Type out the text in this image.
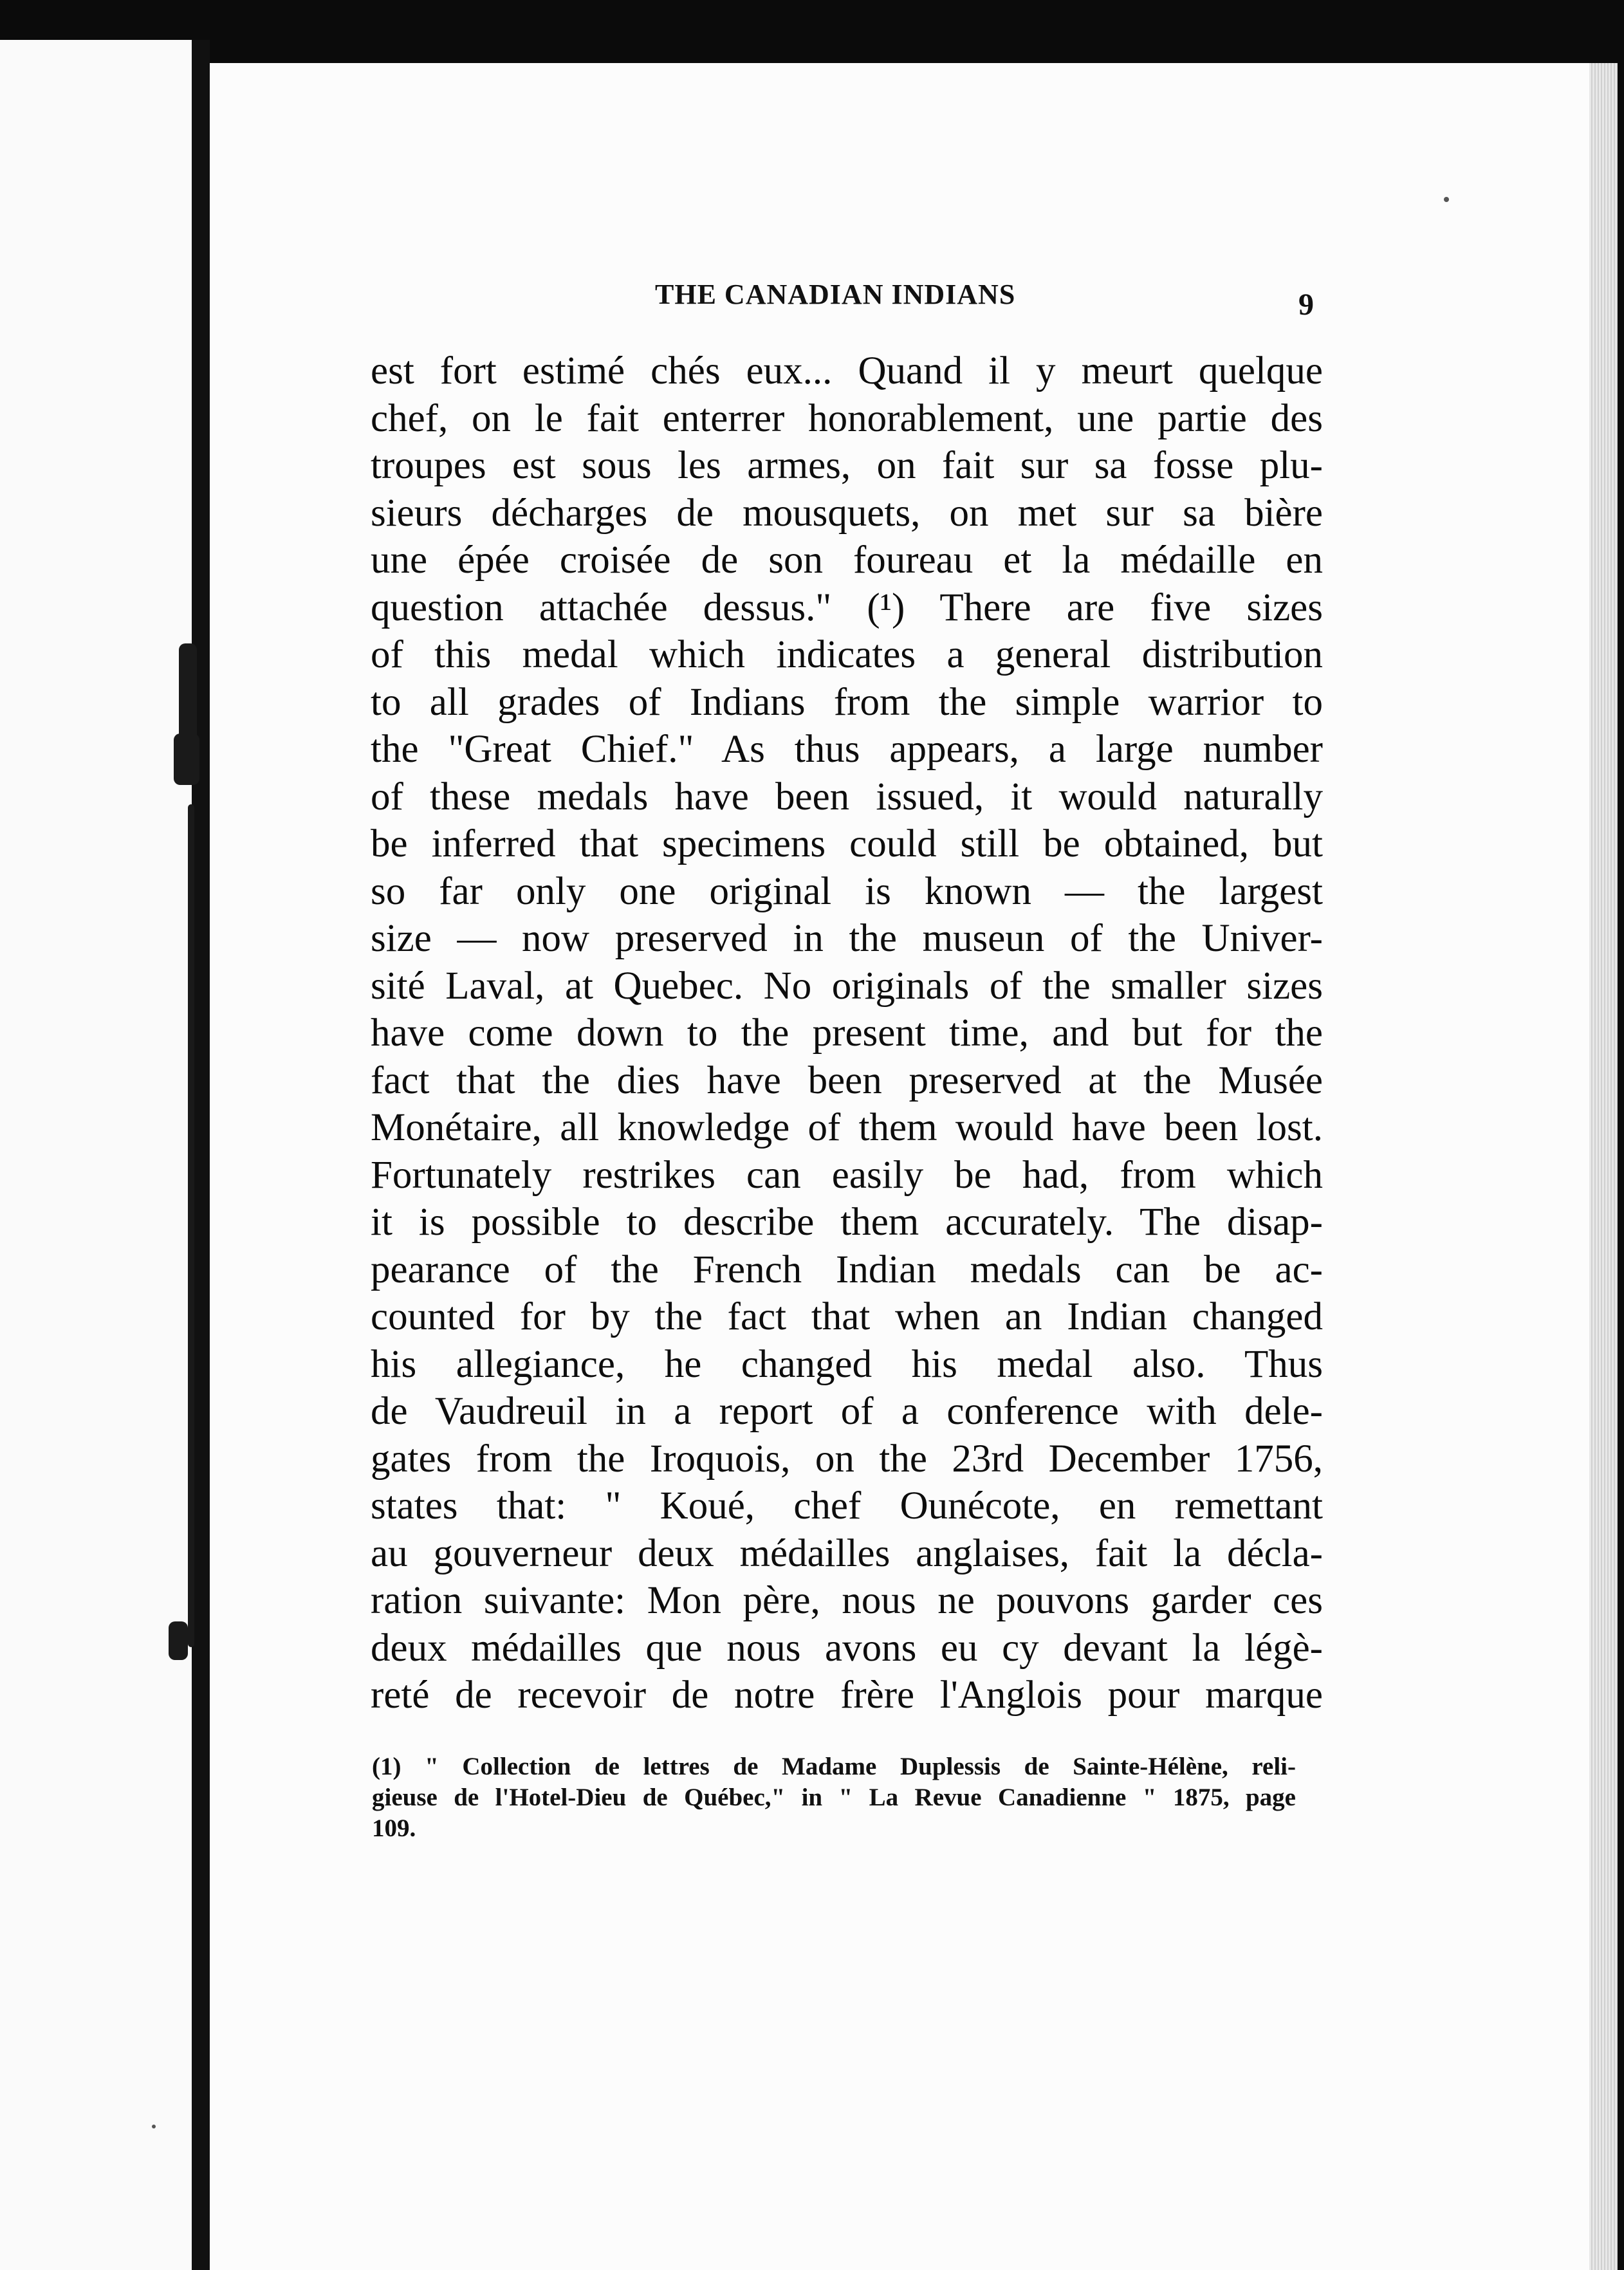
THE CANADIAN INDIANS	9
est fort estimé chés eux... Quand il y meurt quelque
chef, on le fait enterrer honorablement, une partie des
troupes est sous les armes, on fait sur sa fosse plu-
sieurs décharges de mousquets, on met sur sa bière
une épée croisée de son foureau et la médaille en
question attachée dessus." (¹) There are five sizes
of this medal which indicates a general distribution
to all grades of Indians from the simple warrior to
the "Great Chief." As thus appears, a large number
of these medals have been issued, it would naturally
be inferred that specimens could still be obtained, but
so far only one original is known — the largest
size — now preserved in the museun of the Univer-
sité Laval, at Quebec. No originals of the smaller sizes
have come down to the present time, and but for the
fact that the dies have been preserved at the Musée
Monétaire, all knowledge of them would have been lost.
Fortunately restrikes can easily be had, from which
it is possible to describe them accurately. The disap-
pearance of the French Indian medals can be ac-
counted for by the fact that when an Indian changed
his allegiance, he changed his medal also. Thus
de Vaudreuil in a report of a conference with dele-
gates from the Iroquois, on the 23rd December 1756,
states that: " Koué, chef Ounécote, en remettant
au gouverneur deux médailles anglaises, fait la décla-
ration suivante: Mon père, nous ne pouvons garder ces
deux médailles que nous avons eu cy devant la légè-
reté de recevoir de notre frère l'Anglois pour marque
(1) " Collection de lettres de Madame Duplessis de Sainte-Hélène, reli-
gieuse de l'Hotel-Dieu de Québec," in " La Revue Canadienne " 1875, page
109.
